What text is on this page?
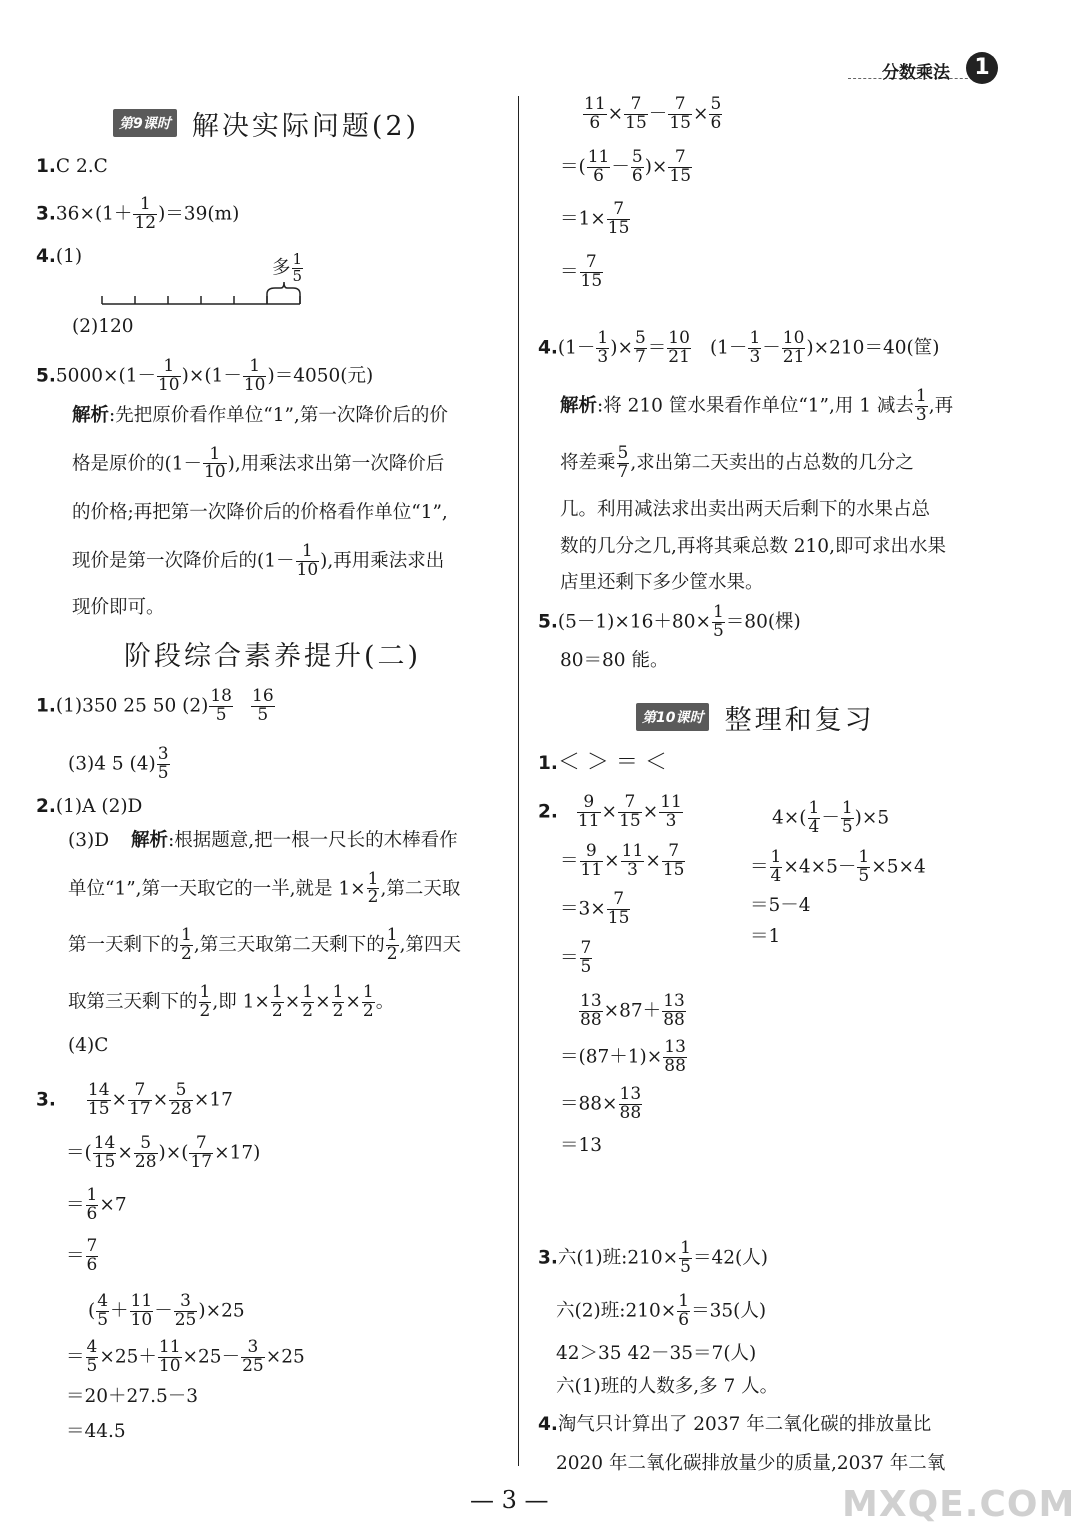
分数乘法	1
第9课时 解决实际问题(2)
1.C 2.C
$3.36\times(1+ \frac{1}{12} )=39(m)$
4.(1)
多 $\frac{1}{5}$
(2)120
$5.5000\times(1- \frac{1}{10} )\times(1- \frac{1}{10} )=4050$(元)
解析:先把原价看作单位“1”,第一次降价后的价
格是原价的($1- \frac{1}{10}$ ),用乘法求出第一次降价后
的价格;再把第一次降价后的价格看作单位“1”,
现价是第一次降价后的($1- \frac{1}{10}$ ),再用乘法求出
现价即可。
阶段综合素养提升(二)
1.(1)350 25 50 $(2) \frac{18}{5} \frac{16}{5}$
(3)4 5 $(4) \frac{3}{5}$
2.(1)A (2)D
(3)D 解析:根据题意,把一根一尺长的木棒看作
单位“1”,第一天取它的一半,就是 $1\times \frac{1}{2}$ ,第二天取
第一天剩下的 $\frac{1}{2}$ ,第三天取第二天剩下的 $\frac{1}{2}$ ,第四天
取第三天剩下的 $\frac{1}{2}$ ,即 $1\times \frac{1}{2} \times \frac{1}{2} \times \frac{1}{2} \times \frac{1}{2}$ 。
(4)C
3. $\frac{14}{15} \times \frac{7}{17} \times \frac{5}{28} \times 17$
＝( $\frac{14}{15} \times \frac{5}{28}$ )×( $\frac{7}{17} \times 17$)
＝ $\frac{1}{6} \times 7$
＝ $\frac{7}{6}$
( $\frac{4}{5} + \frac{11}{10} - \frac{3}{25} )\times 25$
＝ $\frac{4}{5} \times 25+ \frac{11}{10} \times 25- \frac{3}{25} \times 25$
＝20＋27.5－3
＝44.5
$\frac{11}{6} \times \frac{7}{15} - \frac{7}{15} \times \frac{5}{6}$
＝( $\frac{11}{6} - \frac{5}{6}$ )× $\frac{7}{15}$
$=1\times \frac{7}{15}$
＝ $\frac{7}{15}$
$4.(1- \frac{1}{3}$ )× $\frac{5}{7} = \frac{10}{21} (1- \frac{1}{3} - \frac{10}{21} )\times 210=40$(筐)
解析:将 210 筐水果看作单位“1”,用 1 减去 $\frac{1}{3}$ ,再
将差乘 $\frac{5}{7}$ ,求出第二天卖出的占总数的几分之
几。利用减法求出卖出两天后剩下的水果占总
数的几分之几,再将其乘总数 210,即可求出水果
店里还剩下多少筐水果。
$5.(5-1)\times 16+80\times \frac{1}{5} =80$(棵)
80＝80 能。
第10课时 整理和复习
1.＜ ＞ ＝ ＜
2. $\frac{9}{11} \times \frac{7}{15} \times \frac{11}{3}$
＝ $\frac{9}{11} \times \frac{11}{3} \times \frac{7}{15}$
$=3\times \frac{7}{15}$
＝ $\frac{7}{5}$
$\frac{13}{88} \times 87+ \frac{13}{88}$
$=(87+1)\times \frac{13}{88}$
$=88\times \frac{13}{88}$
＝13
$4\times( \frac{1}{4} - \frac{1}{5} )\times 5$
＝ $\frac{1}{4} \times 4\times 5- \frac{1}{5} \times 5\times 4$
＝5－4
＝1
3.六(1)班:210× $\frac{1}{5} =42$(人)
六(2)班:210× $\frac{1}{6} =35$(人)
42＞35 42－35＝7(人)
六(1)班的人数多,多 7 人。
4.淘气只计算出了 2037 年二氧化碳的排放量比
2020 年二氧化碳排放量少的质量,2037 年二氧
— 3 —	MXQE.COM
